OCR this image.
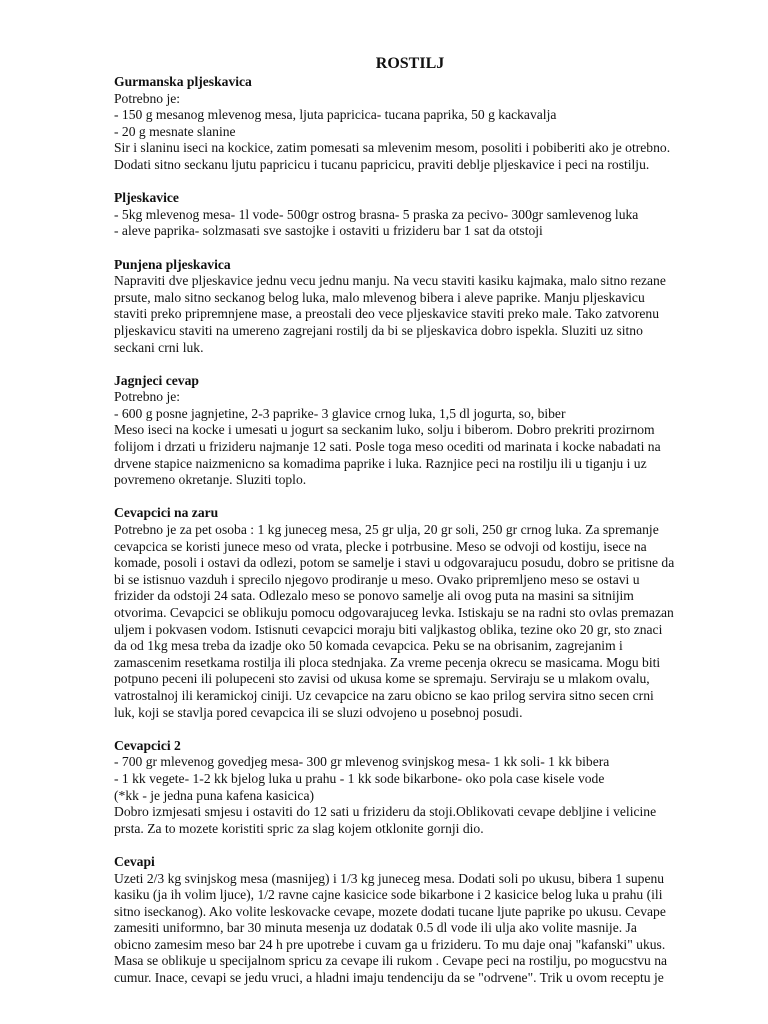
ROSTILJ
Gurmanska pljeskavica
Potrebno je:
- 150 g mesanog mlevenog mesa, ljuta papricica- tucana paprika, 50 g kackavalja
- 20 g mesnate slanine
Sir i slaninu iseci na kockice, zatim pomesati sa mlevenim mesom, posoliti i pobiberiti ako je otrebno.
Dodati sitno seckanu ljutu papricicu i tucanu papricicu, praviti deblje pljeskavice i peci na rostilju.
Pljeskavice
- 5kg mlevenog mesa- 1l vode- 500gr ostrog brasna- 5 praska za pecivo- 300gr samlevenog luka
- aleve paprika- solzmasati sve sastojke i ostaviti u frizideru bar 1 sat da otstoji
Punjena pljeskavica
Napraviti dve pljeskavice jednu vecu jednu manju. Na vecu staviti kasiku kajmaka, malo sitno rezane
prsute, malo sitno seckanog belog luka, malo mlevenog bibera i aleve paprike. Manju pljeskavicu
staviti preko pripremnjene mase, a preostali deo vece pljeskavice staviti preko male. Tako zatvorenu
pljeskavicu staviti na umereno zagrejani rostilj da bi se pljeskavica dobro ispekla. Sluziti uz sitno
seckani crni luk.
Jagnjeci cevap
Potrebno je:
- 600 g posne jagnjetine, 2-3 paprike- 3 glavice crnog luka, 1,5 dl jogurta, so, biber
Meso iseci na kocke i umesati u jogurt sa seckanim luko, solju i biberom. Dobro prekriti prozirnom
folijom i drzati u frizideru najmanje 12 sati. Posle toga meso ocediti od marinata i kocke nabadati na
drvene stapice naizmenicno sa komadima paprike i luka. Raznjice peci na rostilju ili u tiganju i uz
povremeno okretanje. Sluziti toplo.
Cevapcici na zaru
Potrebno je za pet osoba : 1 kg juneceg mesa, 25 gr ulja, 20 gr soli, 250 gr crnog luka. Za spremanje
cevapcica se koristi junece meso od vrata, plecke i potrbusine. Meso se odvoji od kostiju, isece na
komade, posoli i ostavi da odlezi, potom se samelje i stavi u odgovarajucu posudu, dobro se pritisne da
bi se istisnuo vazduh i sprecilo njegovo prodiranje u meso. Ovako pripremljeno meso se ostavi u
frizider da odstoji 24 sata. Odlezalo meso se ponovo samelje ali ovog puta na masini sa sitnijim
otvorima. Cevapcici se oblikuju pomocu odgovarajuceg levka. Istiskaju se na radni sto ovlas premazan
uljem i pokvasen vodom. Istisnuti cevapcici moraju biti valjkastog oblika, tezine oko 20 gr, sto znaci
da od 1kg mesa treba da izadje oko 50 komada cevapcica. Peku se na obrisanim, zagrejanim i
zamascenim resetkama rostilja ili ploca stednjaka. Za vreme pecenja okrecu se masicama. Mogu biti
potpuno peceni ili polupeceni sto zavisi od ukusa kome se spremaju. Serviraju se u mlakom ovalu,
vatrostalnoj ili keramickoj ciniji. Uz cevapcice na zaru obicno se kao prilog servira sitno secen crni
luk, koji se stavlja pored cevapcica ili se sluzi odvojeno u posebnoj posudi.
Cevapcici 2
- 700 gr mlevenog govedjeg mesa- 300 gr mlevenog svinjskog mesa- 1 kk soli- 1 kk bibera
- 1 kk vegete- 1-2 kk bjelog luka u prahu - 1 kk sode bikarbone- oko pola case kisele vode
(*kk - je jedna puna kafena kasicica)
Dobro izmjesati smjesu i ostaviti do 12 sati u frizideru da stoji.Oblikovati cevape debljine i velicine
prsta. Za to mozete koristiti spric za slag kojem otklonite gornji dio.
Cevapi
Uzeti 2/3 kg svinjskog mesa (masnijeg) i 1/3 kg juneceg mesa. Dodati soli po ukusu, bibera 1 supenu
kasiku (ja ih volim ljuce), 1/2 ravne cajne kasicice sode bikarbone i 2 kasicice belog luka u prahu (ili
sitno iseckanog). Ako volite leskovacke cevape, mozete dodati tucane ljute paprike po ukusu. Cevape
zamesiti uniformno, bar 30 minuta mesenja uz dodatak 0.5 dl vode ili ulja ako volite masnije. Ja
obicno zamesim meso bar 24 h pre upotrebe i cuvam ga u frizideru. To mu daje onaj "kafanski" ukus.
Masa se oblikuje u specijalnom spricu za cevape ili rukom . Cevape peci na rostilju, po mogucstvu na
cumur. Inace, cevapi se jedu vruci, a hladni imaju tendenciju da se "odrvene". Trik u ovom receptu je
